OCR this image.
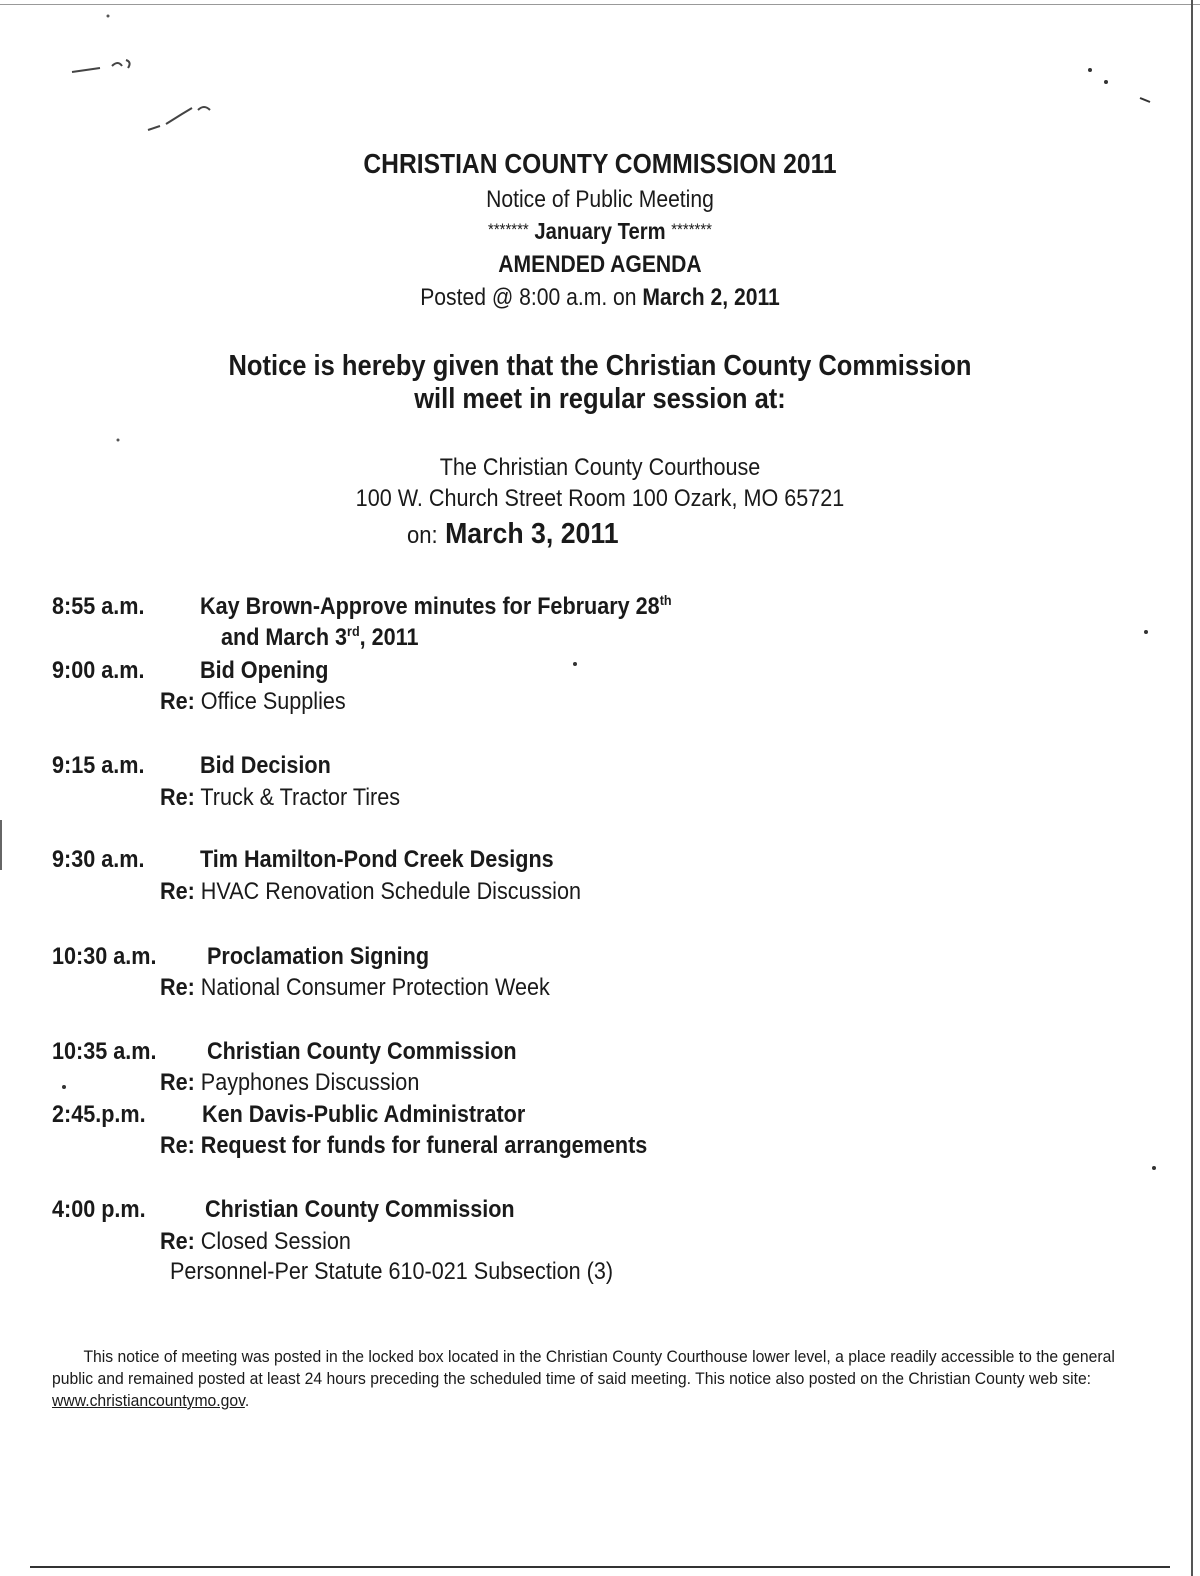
CHRISTIAN COUNTY COMMISSION 2011
Notice of Public Meeting
******* January Term *******
AMENDED AGENDA
Posted @ 8:00 a.m. on March 2, 2011
Notice is hereby given that the Christian County Commission
will meet in regular session at:
The Christian County Courthouse
100 W. Church Street Room 100 Ozark, MO 65721
on: March 3, 2011
8:55 a.m. Kay Brown-Approve minutes for February 28th
and March 3rd, 2011
9:00 a.m. Bid Opening
Re: Office Supplies
9:15 a.m. Bid Decision
Re: Truck & Tractor Tires
9:30 a.m. Tim Hamilton-Pond Creek Designs
Re: HVAC Renovation Schedule Discussion
10:30 a.m. Proclamation Signing
Re: National Consumer Protection Week
10:35 a.m. Christian County Commission
Re: Payphones Discussion
2:45.p.m. Ken Davis-Public Administrator
Re: Request for funds for funeral arrangements
4:00 p.m. Christian County Commission
Re: Closed Session
Personnel-Per Statute 610-021 Subsection (3)
This notice of meeting was posted in the locked box located in the Christian County Courthouse lower level, a place readily accessible to the general public and remained posted at least 24 hours preceding the scheduled time of said meeting. This notice also posted on the Christian County web site: www.christiancountymo.gov.
